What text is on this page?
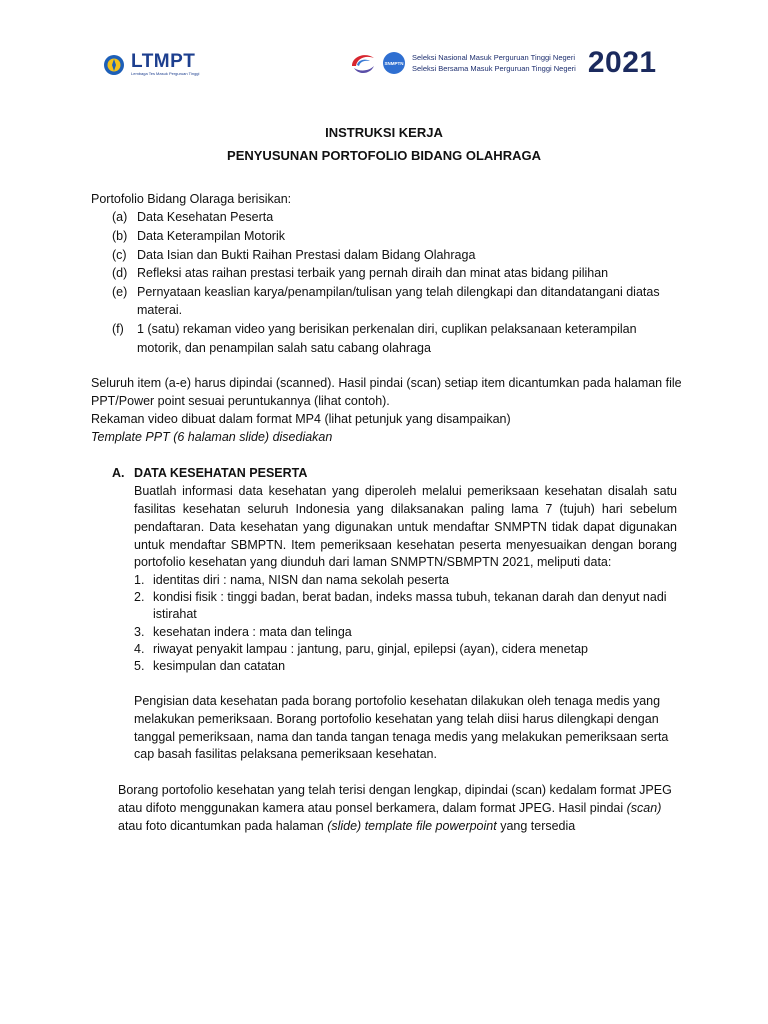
LTMPT
Lembaga Tes Masuk Perguruan Tinggi
SNMPTN
Seleksi Nasional Masuk Perguruan Tinggi Negeri
Seleksi Bersama Masuk Perguruan Tinggi Negeri 2021
INSTRUKSI KERJA
PENYUSUNAN PORTOFOLIO BIDANG OLAHRAGA
Portofolio Bidang Olaraga berisikan:
(a) Data Kesehatan Peserta
(b) Data Keterampilan Motorik
(c) Data Isian dan Bukti Raihan Prestasi dalam Bidang Olahraga
(d) Refleksi atas raihan prestasi terbaik yang pernah diraih dan minat atas bidang pilihan
(e) Pernyataan keaslian karya/penampilan/tulisan yang telah dilengkapi dan ditandatangani diatas
materai.
(f) 1 (satu) rekaman video yang berisikan perkenalan diri, cuplikan pelaksanaan keterampilan
motorik, dan penampilan salah satu cabang olahraga
Seluruh item (a-e) harus dipindai (scanned). Hasil pindai (scan) setiap item dicantumkan pada halaman file
PPT/Power point sesuai peruntukannya (lihat contoh).
Rekaman video dibuat dalam format MP4 (lihat petunjuk yang disampaikan)
Template PPT (6 halaman slide) disediakan
A. DATA KESEHATAN PESERTA
Buatlah informasi data kesehatan yang diperoleh melalui pemeriksaan kesehatan disalah satu
fasilitas kesehatan seluruh Indonesia yang dilaksanakan paling lama 7 (tujuh) hari sebelum
pendaftaran. Data kesehatan yang digunakan untuk mendaftar SNMPTN tidak dapat digunakan
untuk mendaftar SBMPTN. Item pemeriksaan kesehatan peserta menyesuaikan dengan borang
portofolio kesehatan yang diunduh dari laman SNMPTN/SBMPTN 2021, meliputi data:
1. identitas diri : nama, NISN dan nama sekolah peserta
2. kondisi fisik : tinggi badan, berat badan, indeks massa tubuh, tekanan darah dan denyut nadi
istirahat
3. kesehatan indera : mata dan telinga
4. riwayat penyakit lampau : jantung, paru, ginjal, epilepsi (ayan), cidera menetap
5. kesimpulan dan catatan
Pengisian data kesehatan pada borang portofolio kesehatan dilakukan oleh tenaga medis yang
melakukan pemeriksaan. Borang portofolio kesehatan yang telah diisi harus dilengkapi dengan
tanggal pemeriksaan, nama dan tanda tangan tenaga medis yang melakukan pemeriksaan serta
cap basah fasilitas pelaksana pemeriksaan kesehatan.
Borang portofolio kesehatan yang telah terisi dengan lengkap, dipindai (scan) kedalam format JPEG
atau difoto menggunakan kamera atau ponsel berkamera, dalam format JPEG. Hasil pindai (scan)
atau foto dicantumkan pada halaman (slide) template file powerpoint yang tersedia
